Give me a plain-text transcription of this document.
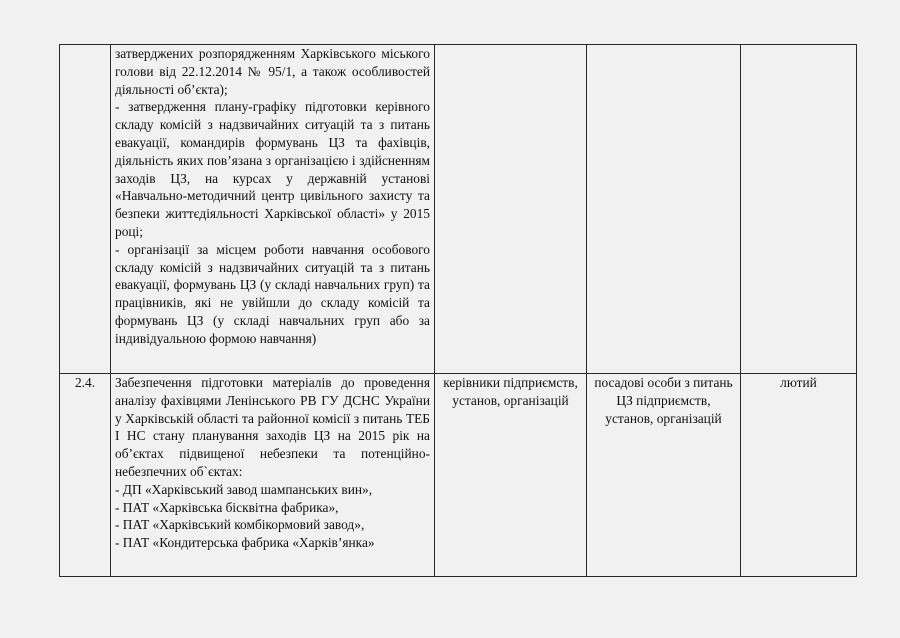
	затверджених розпорядженням Харківського міського голови від 22.12.2014 № 95/1, а також особливостей діяльності об’єкта);
- затвердження плану-графіку підготовки керівного складу комісій з надзвичайних ситуацій та з питань евакуації, командирів формувань ЦЗ та фахівців, діяльність яких пов’язана з організацією і здійсненням заходів ЦЗ, на курсах у державній установі «Навчально-методичний центр цивільного захисту та безпеки життєдіяльності Харківської області» у 2015 році;
- організації за місцем роботи навчання особового складу комісій з надзвичайних ситуацій та з питань евакуації, формувань ЦЗ (у складі навчальних груп) та працівників, які не увійшли до складу комісій та формувань ЦЗ (у складі навчальних груп або за індивідуальною формою навчання)			

2.4.	Забезпечення підготовки матеріалів до проведення аналізу фахівцями Ленінського РВ ГУ ДСНС України у Харківській області та районної комісії з питань ТЕБ І НС стану планування заходів ЦЗ на 2015 рік на об’єктах підвищеної небезпеки та потенційно-небезпечних об`єктах:
- ДП «Харківський завод шампанських вин»,
- ПАТ «Харківська бісквітна фабрика»,
- ПАТ «Харківський комбікормовий завод»,
- ПАТ «Кондитерська фабрика «Харків’янка»	керівники підприємств, установ, організацій	посадові особи з питань ЦЗ підприємств, установ, організацій	лютий
